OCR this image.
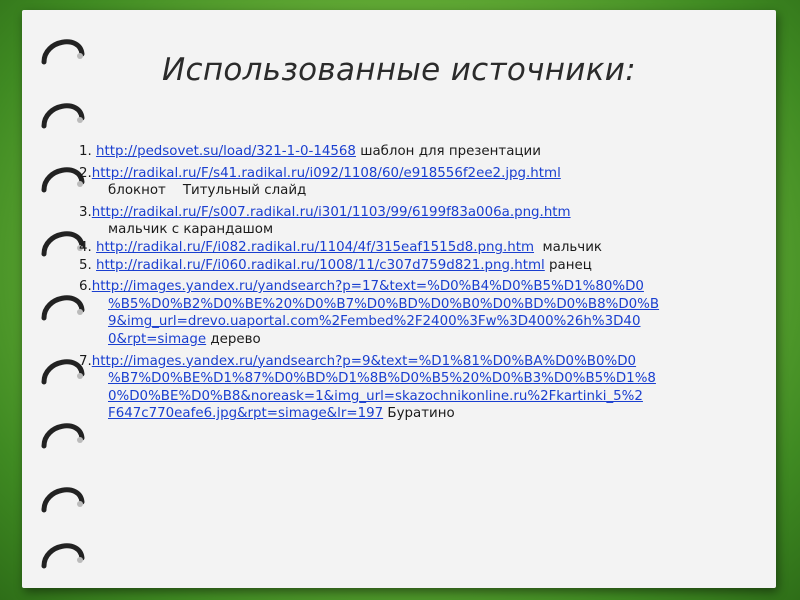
Использованные источники:

1. http://pedsovet.su/load/321-1-0-14568 шаблон для презентации

2.http://radikal.ru/F/s41.radikal.ru/i092/1108/60/e918556f2ee2.jpg.html
блокнот    Титульный слайд

3.http://radikal.ru/F/s007.radikal.ru/i301/1103/99/6199f83a006a.png.htm
мальчик с карандашом

4. http://radikal.ru/F/i082.radikal.ru/1104/4f/315eaf1515d8.png.htm  мальчик

5. http://radikal.ru/F/i060.radikal.ru/1008/11/c307d759d821.png.html ранец

6.http://images.yandex.ru/yandsearch?p=17&text=%D0%B4%D0%B5%D1%80%D0
%B5%D0%B2%D0%BE%20%D0%B7%D0%BD%D0%B0%D0%BD%D0%B8%D0%B
9&img_url=drevo.uaportal.com%2Fembed%2F2400%3Fw%3D400%26h%3D40
0&rpt=simage дерево

7.http://images.yandex.ru/yandsearch?p=9&text=%D1%81%D0%BA%D0%B0%D0
%B7%D0%BE%D1%87%D0%BD%D1%8B%D0%B5%20%D0%B3%D0%B5%D1%8
0%D0%BE%D0%B8&noreask=1&img_url=skazochnikonline.ru%2Fkartinki_5%2
F647c770eafe6.jpg&rpt=simage&lr=197 Буратино
